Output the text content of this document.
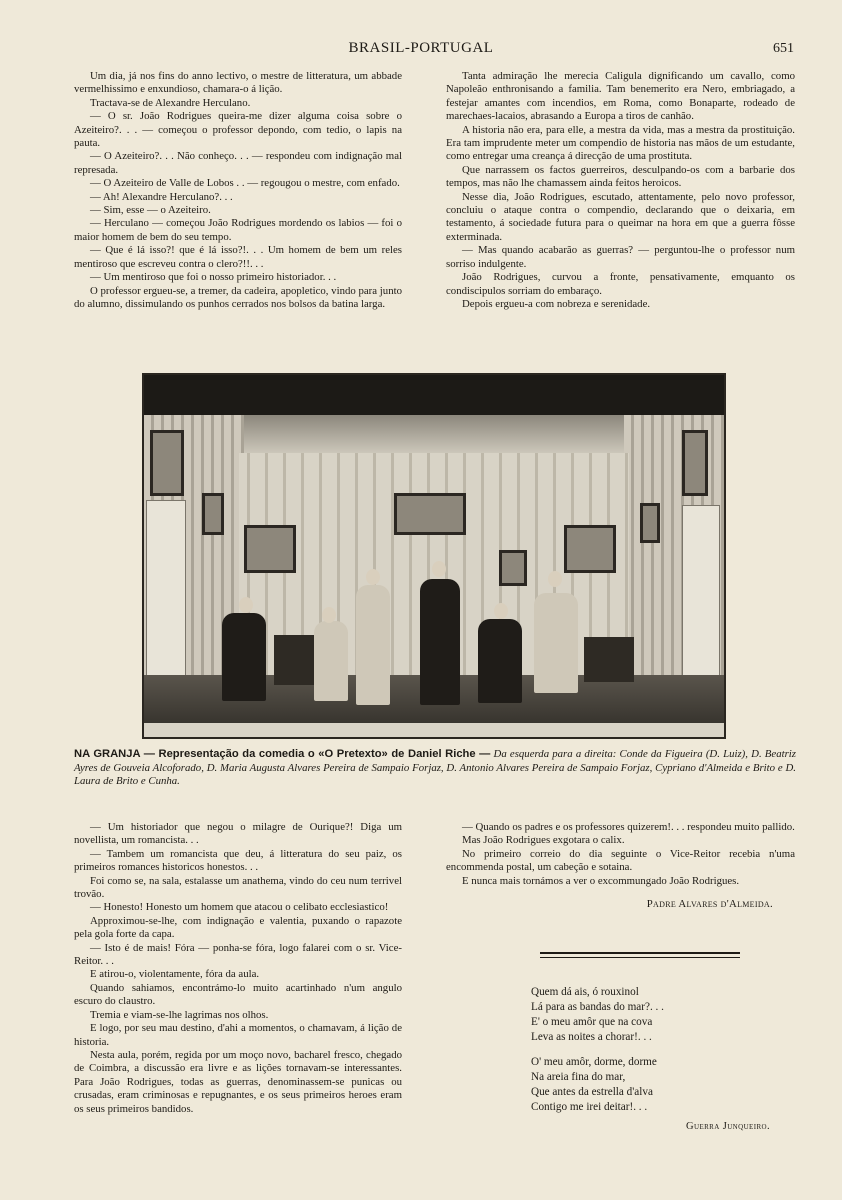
BRASIL-PORTUGAL	651

Um dia, já nos fins do anno lectivo, o mestre de litteratura, um abbade vermelhissimo e enxundioso, chamara-o á lição.

Tractava-se de Alexandre Herculano.

— O sr. João Rodrigues queira-me dizer alguma coisa sobre o Azeiteiro?. . . — começou o professor depondo, com tedio, o lapis na pauta.

— O Azeiteiro?. . . Não conheço. . . — respondeu com indignação mal represada.

— O Azeiteiro de Valle de Lobos . . — regougou o mestre, com enfado.

— Ah! Alexandre Herculano?. . .

— Sim, esse — o Azeiteiro.

— Herculano — começou João Rodrigues mordendo os labios — foi o maior homem de bem do seu tempo.

— Que é lá isso?! que é lá isso?!. . . Um homem de bem um reles mentiroso que escreveu contra o clero?!!. . .

— Um mentiroso que foi o nosso primeiro historiador. . .

O professor ergueu-se, a tremer, da cadeira, apopletico, vindo para junto do alumno, dissimulando os punhos cerrados nos bolsos da batina larga.

Tanta admiração lhe merecia Caligula dignificando um cavallo, como Napoleão enthronisando a familia. Tam benemerito era Nero, embriagado, a festejar amantes com incendios, em Roma, como Bonaparte, rodeado de marechaes-lacaios, abrasando a Europa a tiros de canhão.

A historia não era, para elle, a mestra da vida, mas a mestra da prostituição. Era tam imprudente meter um compendio de historia nas mãos de um estudante, como entregar uma creança á direcção de uma prostituta.

Que narrassem os factos guerreiros, desculpando-os com a barbarie dos tempos, mas não lhe chamassem ainda feitos heroicos.

Nesse dia, João Rodrigues, escutado, attentamente, pelo novo professor, concluiu o ataque contra o compendio, declarando que o deixaria, em testamento, á sociedade futura para o queimar na hora em que a guerra fôsse exterminada.

— Mas quando acabarão as guerras? — perguntou-lhe o professor num sorriso indulgente.

João Rodrigues, curvou a fronte, pensativamente, emquanto os condiscipulos sorriam do embaraço.

Depois ergueu-a com nobreza e serenidade.

NA GRANJA — Representação da comedia o «O Pretexto» de Daniel Riche — Da esquerda para a direita: Conde da Figueira (D. Luiz), D. Beatriz Ayres de Gouveia Alcoforado, D. Maria Augusta Alvares Pereira de Sampaio Forjaz, D. Antonio Alvares Pereira de Sampaio Forjaz, Cypriano d'Almeida e Brito e D. Laura de Brito e Cunha.

— Um historiador que negou o milagre de Ourique?! Diga um novellista, um romancista. . .

— Tambem um romancista que deu, á litteratura do seu paiz, os primeiros romances historicos honestos. . .

Foi como se, na sala, estalasse um anathema, vindo do ceu num terrivel trovão.

— Honesto! Honesto um homem que atacou o celibato ecclesiastico!

Approximou-se-lhe, com indignação e valentia, puxando o rapazote pela gola forte da capa.

— Isto é de mais! Fóra — ponha-se fóra, logo falarei com o sr. Vice-Reitor. . .

E atirou-o, violentamente, fóra da aula.

Quando sahiamos, encontrámo-lo muito acartinhado n'um angulo escuro do claustro.

Tremia e viam-se-lhe lagrimas nos olhos.

E logo, por seu mau destino, d'ahi a momentos, o chamavam, á lição de historia.

Nesta aula, porém, regida por um moço novo, bacharel fresco, chegado de Coimbra, a discussão era livre e as lições tornavam-se interessantes. Para João Rodrigues, todas as guerras, denominassem-se punicas ou crusadas, eram criminosas e repugnantes, e os seus primeiros heroes eram os seus primeiros bandidos.

— Quando os padres e os professores quizerem!. . . respondeu muito pallido.

Mas João Rodrigues exgotara o calix.

No primeiro correio do dia seguinte o Vice-Reitor recebia n'uma encommenda postal, um cabeção e sotaina.

E nunca mais tornámos a ver o excommungado João Rodrigues.

Padre Alvares d'Almeida.
Quem dá ais, ó rouxinol
Lá para as bandas do mar?. . .
E' o meu amôr que na cova
Leva as noites a chorar!. . .
O' meu amôr, dorme, dorme
Na areia fina do mar,
Que antes da estrella d'alva
Contigo me irei deitar!. . .
Guerra Junqueiro.
